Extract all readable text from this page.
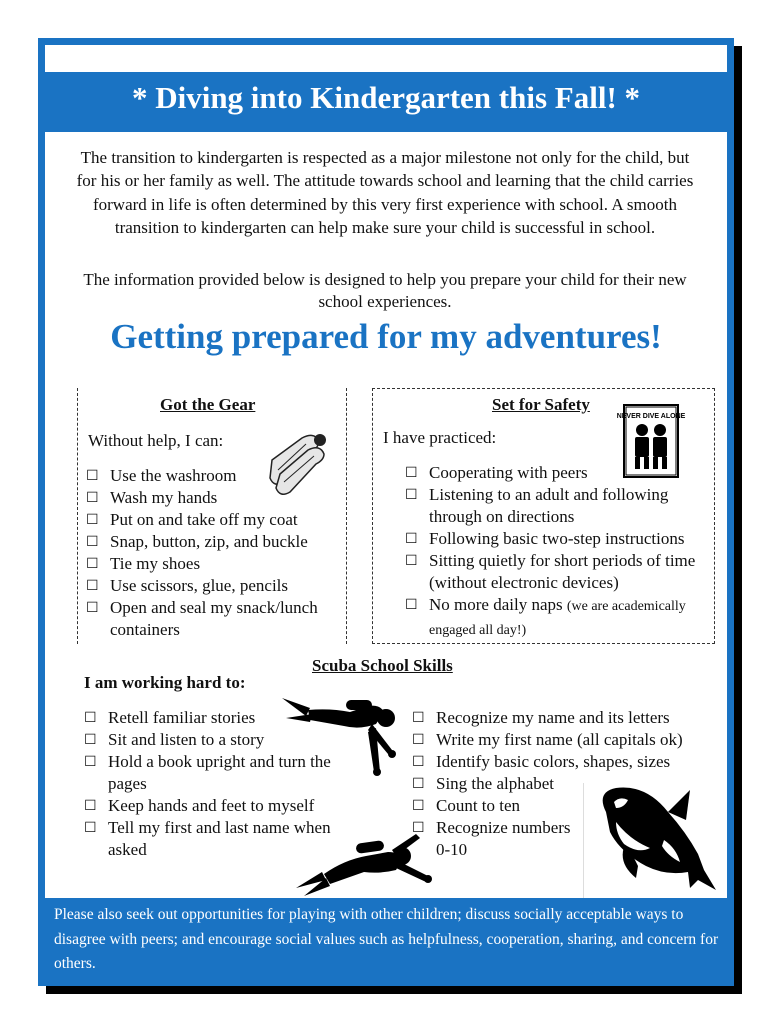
* Diving into Kindergarten this Fall! *

The transition to kindergarten is respected as a major milestone not only for the child, but for his or her family as well. The attitude towards school and learning that the child carries forward in life is often determined by this very first experience with school. A smooth transition to kindergarten can help make sure your child is successful in school.

The information provided below is designed to help you prepare your child for their new school experiences.

Getting prepared for my adventures!
Got the Gear
Without help, I can:
☐ Use the washroom
☐ Wash my hands
☐ Put on and take off my coat
☐ Snap, button, zip, and buckle
☐ Tie my shoes
☐ Use scissors, glue, pencils
☐ Open and seal my snack/lunch containers
Set for Safety
I have practiced:
NEVER DIVE ALONE
☐ Cooperating with peers
☐ Listening to an adult and following through on directions
☐ Following basic two-step instructions
☐ Sitting quietly for short periods of time (without electronic devices)
☐ No more daily naps (we are academically engaged all day!)
Scuba School Skills
I am working hard to:
☐ Retell familiar stories
☐ Sit and listen to a story
☐ Hold a book upright and turn the pages
☐ Keep hands and feet to myself
☐ Tell my first and last name when asked
☐ Recognize my name and its letters
☐ Write my first name (all capitals ok)
☐ Identify basic colors, shapes, sizes
☐ Sing the alphabet
☐ Count to ten
☐ Recognize numbers 0-10

Please also seek out opportunities for playing with other children; discuss socially acceptable ways to disagree with peers; and encourage social values such as helpfulness, cooperation, sharing, and concern for others.
